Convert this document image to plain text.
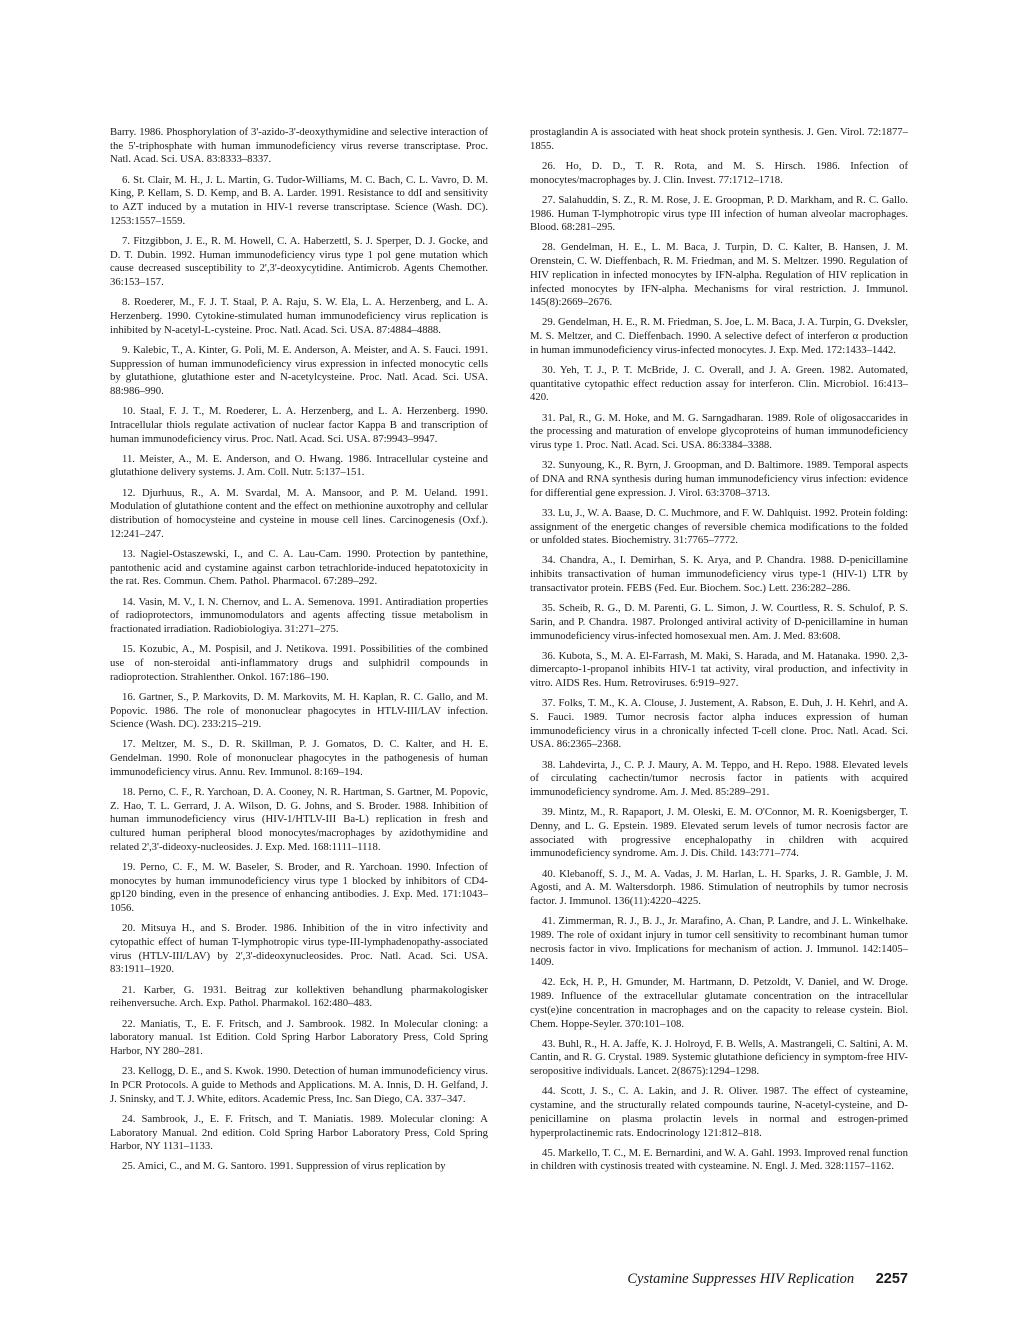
Barry. 1986. Phosphorylation of 3'-azido-3'-deoxythymidine and selective interaction of the 5'-triphosphate with human immunodeficiency virus reverse transcriptase. Proc. Natl. Acad. Sci. USA. 83:8333–8337.

6. St. Clair, M. H., J. L. Martin, G. Tudor-Williams, M. C. Bach, C. L. Vavro, D. M. King, P. Kellam, S. D. Kemp, and B. A. Larder. 1991. Resistance to ddI and sensitivity to AZT induced by a mutation in HIV-1 reverse transcriptase. Science (Wash. DC). 1253:1557–1559.

7. Fitzgibbon, J. E., R. M. Howell, C. A. Haberzettl, S. J. Sperper, D. J. Gocke, and D. T. Dubin. 1992. Human immunodeficiency virus type 1 pol gene mutation which cause decreased susceptibility to 2',3'-deoxycytidine. Antimicrob. Agents Chemother. 36:153–157.

8. Roederer, M., F. J. T. Staal, P. A. Raju, S. W. Ela, L. A. Herzenberg, and L. A. Herzenberg. 1990. Cytokine-stimulated human immunodeficiency virus replication is inhibited by N-acetyl-L-cysteine. Proc. Natl. Acad. Sci. USA. 87:4884–4888.

9. Kalebic, T., A. Kinter, G. Poli, M. E. Anderson, A. Meister, and A. S. Fauci. 1991. Suppression of human immunodeficiency virus expression in infected monocytic cells by glutathione, glutathione ester and N-acetylcysteine. Proc. Natl. Acad. Sci. USA. 88:986–990.

10. Staal, F. J. T., M. Roederer, L. A. Herzenberg, and L. A. Herzenberg. 1990. Intracellular thiols regulate activation of nuclear factor Kappa B and transcription of human immunodeficiency virus. Proc. Natl. Acad. Sci. USA. 87:9943–9947.

11. Meister, A., M. E. Anderson, and O. Hwang. 1986. Intracellular cysteine and glutathione delivery systems. J. Am. Coll. Nutr. 5:137–151.

12. Djurhuus, R., A. M. Svardal, M. A. Mansoor, and P. M. Ueland. 1991. Modulation of glutathione content and the effect on methionine auxotrophy and cellular distribution of homocysteine and cysteine in mouse cell lines. Carcinogenesis (Oxf.). 12:241–247.

13. Nagiel-Ostaszewski, I., and C. A. Lau-Cam. 1990. Protection by pantethine, pantothenic acid and cystamine against carbon tetrachloride-induced hepatotoxicity in the rat. Res. Commun. Chem. Pathol. Pharmacol. 67:289–292.

14. Vasin, M. V., I. N. Chernov, and L. A. Semenova. 1991. Antiradiation properties of radioprotectors, immunomodulators and agents affecting tissue metabolism in fractionated irradiation. Radiobiologiya. 31:271–275.

15. Kozubic, A., M. Pospisil, and J. Netikova. 1991. Possibilities of the combined use of non-steroidal anti-inflammatory drugs and sulphidril compounds in radioprotection. Strahlenther. Onkol. 167:186–190.

16. Gartner, S., P. Markovits, D. M. Markovits, M. H. Kaplan, R. C. Gallo, and M. Popovic. 1986. The role of mononuclear phagocytes in HTLV-III/LAV infection. Science (Wash. DC). 233:215–219.

17. Meltzer, M. S., D. R. Skillman, P. J. Gomatos, D. C. Kalter, and H. E. Gendelman. 1990. Role of mononuclear phagocytes in the pathogenesis of human immunodeficiency virus. Annu. Rev. Immunol. 8:169–194.

18. Perno, C. F., R. Yarchoan, D. A. Cooney, N. R. Hartman, S. Gartner, M. Popovic, Z. Hao, T. L. Gerrard, J. A. Wilson, D. G. Johns, and S. Broder. 1988. Inhibition of human immunodeficiency virus (HIV-1/HTLV-III Ba-L) replication in fresh and cultured human peripheral blood monocytes/macrophages by azidothymidine and related 2',3'-dideoxy-nucleosides. J. Exp. Med. 168:1111–1118.

19. Perno, C. F., M. W. Baseler, S. Broder, and R. Yarchoan. 1990. Infection of monocytes by human immunodeficiency virus type 1 blocked by inhibitors of CD4-gp120 binding, even in the presence of enhancing antibodies. J. Exp. Med. 171:1043–1056.

20. Mitsuya H., and S. Broder. 1986. Inhibition of the in vitro infectivity and cytopathic effect of human T-lymphotropic virus type-III-lymphadenopathy-associated virus (HTLV-III/LAV) by 2',3'-dideoxynucleosides. Proc. Natl. Acad. Sci. USA. 83:1911–1920.

21. Karber, G. 1931. Beitrag zur kollektiven behandlung pharmakologisker reihenversuche. Arch. Exp. Pathol. Pharmakol. 162:480–483.

22. Maniatis, T., E. F. Fritsch, and J. Sambrook. 1982. In Molecular cloning: a laboratory manual. 1st Edition. Cold Spring Harbor Laboratory Press, Cold Spring Harbor, NY 280–281.

23. Kellogg, D. E., and S. Kwok. 1990. Detection of human immunodeficiency virus. In PCR Protocols. A guide to Methods and Applications. M. A. Innis, D. H. Gelfand, J. J. Sninsky, and T. J. White, editors. Academic Press, Inc. San Diego, CA. 337–347.

24. Sambrook, J., E. F. Fritsch, and T. Maniatis. 1989. Molecular cloning: A Laboratory Manual. 2nd edition. Cold Spring Harbor Laboratory Press, Cold Spring Harbor, NY 1131–1133.

25. Amici, C., and M. G. Santoro. 1991. Suppression of virus replication by

prostaglandin A is associated with heat shock protein synthesis. J. Gen. Virol. 72:1877–1855.

26. Ho, D. D., T. R. Rota, and M. S. Hirsch. 1986. Infection of monocytes/macrophages by. J. Clin. Invest. 77:1712–1718.

27. Salahuddin, S. Z., R. M. Rose, J. E. Groopman, P. D. Markham, and R. C. Gallo. 1986. Human T-lymphotropic virus type III infection of human alveolar macrophages. Blood. 68:281–295.

28. Gendelman, H. E., L. M. Baca, J. Turpin, D. C. Kalter, B. Hansen, J. M. Orenstein, C. W. Dieffenbach, R. M. Friedman, and M. S. Meltzer. 1990. Regulation of HIV replication in infected monocytes by IFN-alpha. Regulation of HIV replication in infected monocytes by IFN-alpha. Mechanisms for viral restriction. J. Immunol. 145(8):2669–2676.

29. Gendelman, H. E., R. M. Friedman, S. Joe, L. M. Baca, J. A. Turpin, G. Dveksler, M. S. Meltzer, and C. Dieffenbach. 1990. A selective defect of interferon α production in human immunodeficiency virus-infected monocytes. J. Exp. Med. 172:1433–1442.

30. Yeh, T. J., P. T. McBride, J. C. Overall, and J. A. Green. 1982. Automated, quantitative cytopathic effect reduction assay for interferon. Clin. Microbiol. 16:413–420.

31. Pal, R., G. M. Hoke, and M. G. Sarngadharan. 1989. Role of oligosaccarides in the processing and maturation of envelope glycoproteins of human immunodeficiency virus type 1. Proc. Natl. Acad. Sci. USA. 86:3384–3388.

32. Sunyoung, K., R. Byrn, J. Groopman, and D. Baltimore. 1989. Temporal aspects of DNA and RNA synthesis during human immunodeficiency virus infection: evidence for differential gene expression. J. Virol. 63:3708–3713.

33. Lu, J., W. A. Baase, D. C. Muchmore, and F. W. Dahlquist. 1992. Protein folding: assignment of the energetic changes of reversible chemica modifications to the folded or unfolded states. Biochemistry. 31:7765–7772.

34. Chandra, A., I. Demirhan, S. K. Arya, and P. Chandra. 1988. D-penicillamine inhibits transactivation of human immunodeficiency virus type-1 (HIV-1) LTR by transactivator protein. FEBS (Fed. Eur. Biochem. Soc.) Lett. 236:282–286.

35. Scheib, R. G., D. M. Parenti, G. L. Simon, J. W. Courtless, R. S. Schulof, P. S. Sarin, and P. Chandra. 1987. Prolonged antiviral activity of D-penicillamine in human immunodeficiency virus-infected homosexual men. Am. J. Med. 83:608.

36. Kubota, S., M. A. El-Farrash, M. Maki, S. Harada, and M. Hatanaka. 1990. 2,3-dimercapto-1-propanol inhibits HIV-1 tat activity, viral production, and infectivity in vitro. AIDS Res. Hum. Retroviruses. 6:919–927.

37. Folks, T. M., K. A. Clouse, J. Justement, A. Rabson, E. Duh, J. H. Kehrl, and A. S. Fauci. 1989. Tumor necrosis factor alpha induces expression of human immunodeficiency virus in a chronically infected T-cell clone. Proc. Natl. Acad. Sci. USA. 86:2365–2368.

38. Lahdevirta, J., C. P. J. Maury, A. M. Teppo, and H. Repo. 1988. Elevated levels of circulating cachectin/tumor necrosis factor in patients with acquired immunodeficiency syndrome. Am. J. Med. 85:289–291.

39. Mintz, M., R. Rapaport, J. M. Oleski, E. M. O'Connor, M. R. Koenigsberger, T. Denny, and L. G. Epstein. 1989. Elevated serum levels of tumor necrosis factor are associated with progressive encephalopathy in children with acquired immunodeficiency syndrome. Am. J. Dis. Child. 143:771–774.

40. Klebanoff, S. J., M. A. Vadas, J. M. Harlan, L. H. Sparks, J. R. Gamble, J. M. Agosti, and A. M. Waltersdorph. 1986. Stimulation of neutrophils by tumor necrosis factor. J. Immunol. 136(11):4220–4225.

41. Zimmerman, R. J., B. J., Jr. Marafino, A. Chan, P. Landre, and J. L. Winkelhake. 1989. The role of oxidant injury in tumor cell sensitivity to recombinant human tumor necrosis factor in vivo. Implications for mechanism of action. J. Immunol. 142:1405–1409.

42. Eck, H. P., H. Gmunder, M. Hartmann, D. Petzoldt, V. Daniel, and W. Droge. 1989. Influence of the extracellular glutamate concentration on the intracellular cyst(e)ine concentration in macrophages and on the capacity to release cystein. Biol. Chem. Hoppe-Seyler. 370:101–108.

43. Buhl, R., H. A. Jaffe, K. J. Holroyd, F. B. Wells, A. Mastrangeli, C. Saltini, A. M. Cantin, and R. G. Crystal. 1989. Systemic glutathione deficiency in symptom-free HIV-seropositive individuals. Lancet. 2(8675):1294–1298.

44. Scott, J. S., C. A. Lakin, and J. R. Oliver. 1987. The effect of cysteamine, cystamine, and the structurally related compounds taurine, N-acetyl-cysteine, and D-penicillamine on plasma prolactin levels in normal and estrogen-primed hyperprolactinemic rats. Endocrinology 121:812–818.

45. Markello, T. C., M. E. Bernardini, and W. A. Gahl. 1993. Improved renal function in children with cystinosis treated with cysteamine. N. Engl. J. Med. 328:1157–1162.

Cystamine Suppresses HIV Replication 2257
